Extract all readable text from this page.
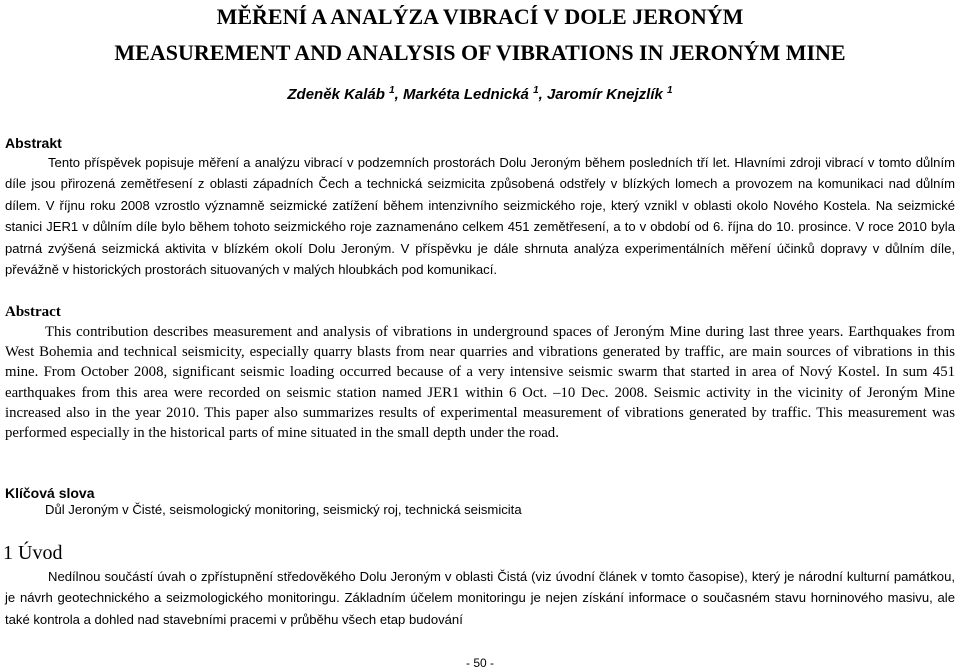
MĚŘENÍ A ANALÝZA VIBRACÍ V DOLE JERONÝM
MEASUREMENT AND ANALYSIS OF VIBRATIONS IN JERONÝM MINE
Zdeněk Kaláb $^1$, Markéta Lednická $^1$, Jaromír Knejzlík $^1$
Abstrakt
Tento příspěvek popisuje měření a analýzu vibrací v podzemních prostorách Dolu Jeroným během posledních tří let. Hlavními zdroji vibrací v tomto důlním díle jsou přirozená zemětřesení z oblasti západních Čech a technická seizmicita způsobená odstřely v blízkých lomech a provozem na komunikaci nad důlním dílem. V říjnu roku 2008 vzrostlo významně seizmické zatížení během intenzivního seizmického roje, který vznikl v oblasti okolo Nového Kostela. Na seizmické stanici JER1 v důlním díle bylo během tohoto seizmického roje zaznamenáno celkem 451 zemětřesení, a to v období od 6. října do 10. prosince. V roce 2010 byla patrná zvýšená seizmická aktivita v blízkém okolí Dolu Jeroným. V příspěvku je dále shrnuta analýza experimentálních měření účinků dopravy v důlním díle, převážně v historických prostorách situovaných v malých hloubkách pod komunikací.
Abstract
This contribution describes measurement and analysis of vibrations in underground spaces of Jeroným Mine during last three years. Earthquakes from West Bohemia and technical seismicity, especially quarry blasts from near quarries and vibrations generated by traffic, are main sources of vibrations in this mine. From October 2008, significant seismic loading occurred because of a very intensive seismic swarm that started in area of Nový Kostel. In sum 451 earthquakes from this area were recorded on seismic station named JER1 within 6 Oct. –10 Dec. 2008. Seismic activity in the vicinity of Jeroným Mine increased also in the year 2010. This paper also summarizes results of experimental measurement of vibrations generated by traffic. This measurement was performed especially in the historical parts of mine situated in the small depth under the road.
Klíčová slova
Důl Jeroným v Čisté, seismologický monitoring, seismický roj, technická seismicita
1 Úvod
Nedílnou součástí úvah o zpřístupnění středověkého Dolu Jeroným v oblasti Čistá (viz úvodní článek v tomto časopise), který je národní kulturní památkou, je návrh geotechnického a seizmologického monitoringu. Základním účelem monitoringu je nejen získání informace o současném stavu horninového masivu, ale také kontrola a dohled nad stavebními pracemi v průběhu všech etap budování
- 50 -
